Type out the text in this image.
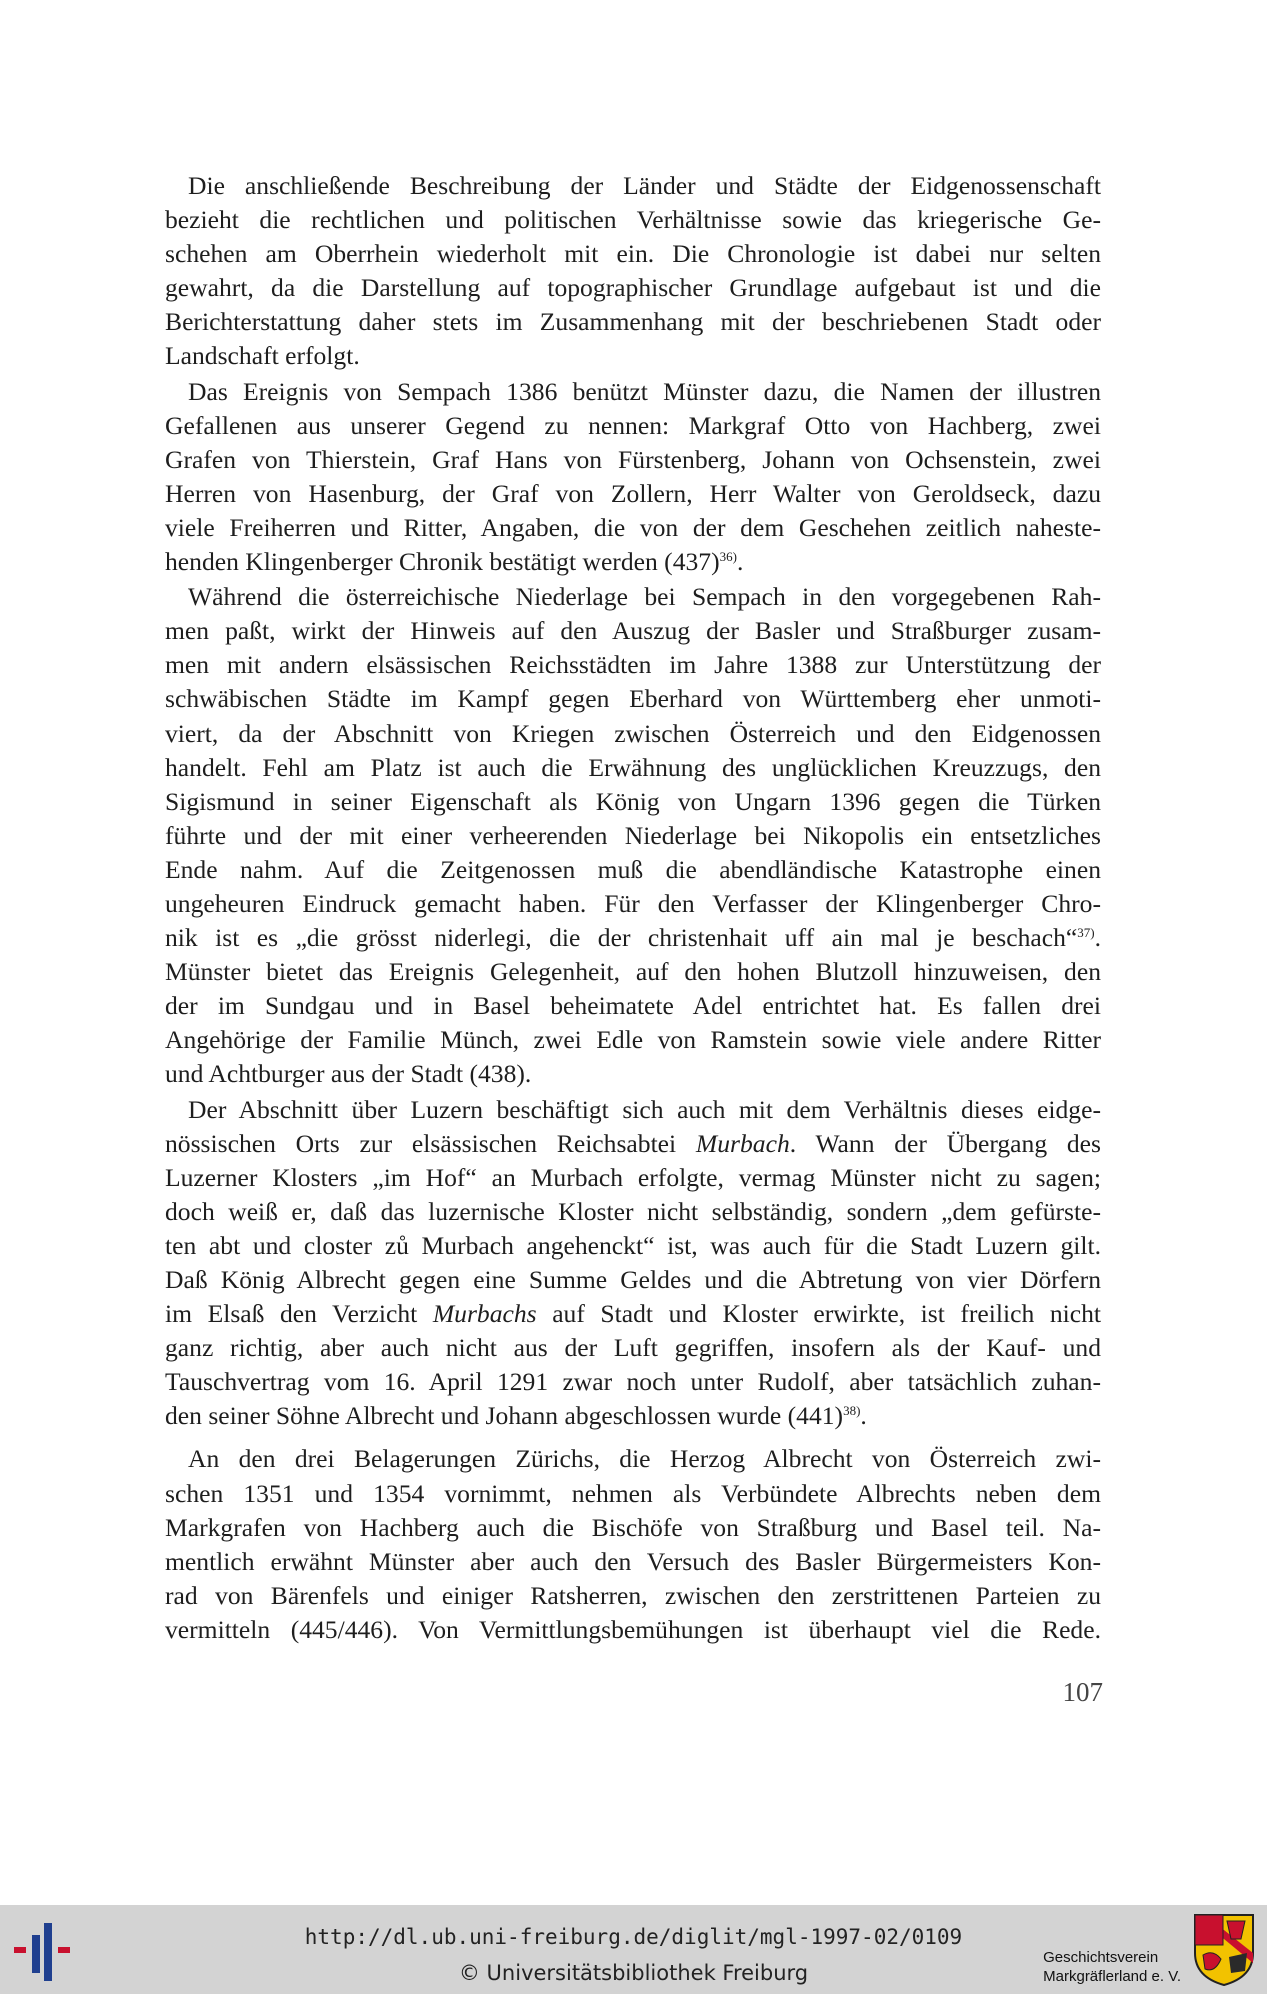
Die anschließende Beschreibung der Länder und Städte der Eidgenossenschaft
bezieht die rechtlichen und politischen Verhältnisse sowie das kriegerische Ge-
schehen am Oberrhein wiederholt mit ein. Die Chronologie ist dabei nur selten
gewahrt, da die Darstellung auf topographischer Grundlage aufgebaut ist und die
Berichterstattung daher stets im Zusammenhang mit der beschriebenen Stadt oder
Landschaft erfolgt.

Das Ereignis von Sempach 1386 benützt Münster dazu, die Namen der illustren
Gefallenen aus unserer Gegend zu nennen: Markgraf Otto von Hachberg, zwei
Grafen von Thierstein, Graf Hans von Fürstenberg, Johann von Ochsenstein, zwei
Herren von Hasenburg, der Graf von Zollern, Herr Walter von Geroldseck, dazu
viele Freiherren und Ritter, Angaben, die von der dem Geschehen zeitlich naheste-
henden Klingenberger Chronik bestätigt werden $(437)^{36)}$.

Während die österreichische Niederlage bei Sempach in den vorgegebenen Rah-
men paßt, wirkt der Hinweis auf den Auszug der Basler und Straßburger zusam-
men mit andern elsässischen Reichsstädten im Jahre 1388 zur Unterstützung der
schwäbischen Städte im Kampf gegen Eberhard von Württemberg eher unmoti-
viert, da der Abschnitt von Kriegen zwischen Österreich und den Eidgenossen
handelt. Fehl am Platz ist auch die Erwähnung des unglücklichen Kreuzzugs, den
Sigismund in seiner Eigenschaft als König von Ungarn 1396 gegen die Türken
führte und der mit einer verheerenden Niederlage bei Nikopolis ein entsetzliches
Ende nahm. Auf die Zeitgenossen muß die abendländische Katastrophe einen
ungeheuren Eindruck gemacht haben. Für den Verfasser der Klingenberger Chro-
nik ist es „die grösst niderlegi, die der christenhait uff ain mal je beschach“$^{37)}$.
Münster bietet das Ereignis Gelegenheit, auf den hohen Blutzoll hinzuweisen, den
der im Sundgau und in Basel beheimatete Adel entrichtet hat. Es fallen drei
Angehörige der Familie Münch, zwei Edle von Ramstein sowie viele andere Ritter
und Achtburger aus der Stadt (438).

Der Abschnitt über Luzern beschäftigt sich auch mit dem Verhältnis dieses eidge-
nössischen Orts zur elsässischen Reichsabtei Murbach. Wann der Übergang des
Luzerner Klosters „im Hof“ an Murbach erfolgte, vermag Münster nicht zu sagen;
doch weiß er, daß das luzernische Kloster nicht selbständig, sondern „dem gefürste-
ten abt und closter zů Murbach angehenckt“ ist, was auch für die Stadt Luzern gilt.
Daß König Albrecht gegen eine Summe Geldes und die Abtretung von vier Dörfern
im Elsaß den Verzicht Murbachs auf Stadt und Kloster erwirkte, ist freilich nicht
ganz richtig, aber auch nicht aus der Luft gegriffen, insofern als der Kauf- und
Tauschvertrag vom 16. April 1291 zwar noch unter Rudolf, aber tatsächlich zuhan-
den seiner Söhne Albrecht und Johann abgeschlossen wurde $(441)^{38)}$.

An den drei Belagerungen Zürichs, die Herzog Albrecht von Österreich zwi-
schen 1351 und 1354 vornimmt, nehmen als Verbündete Albrechts neben dem
Markgrafen von Hachberg auch die Bischöfe von Straßburg und Basel teil. Na-
mentlich erwähnt Münster aber auch den Versuch des Basler Bürgermeisters Kon-
rad von Bärenfels und einiger Ratsherren, zwischen den zerstrittenen Parteien zu
vermitteln (445/446). Von Vermittlungsbemühungen ist überhaupt viel die Rede.

107
http://dl.ub.uni-freiburg.de/diglit/mgl-1997-02/0109
© Universitätsbibliothek Freiburg
Geschichtsverein
Markgräflerland e. V.
